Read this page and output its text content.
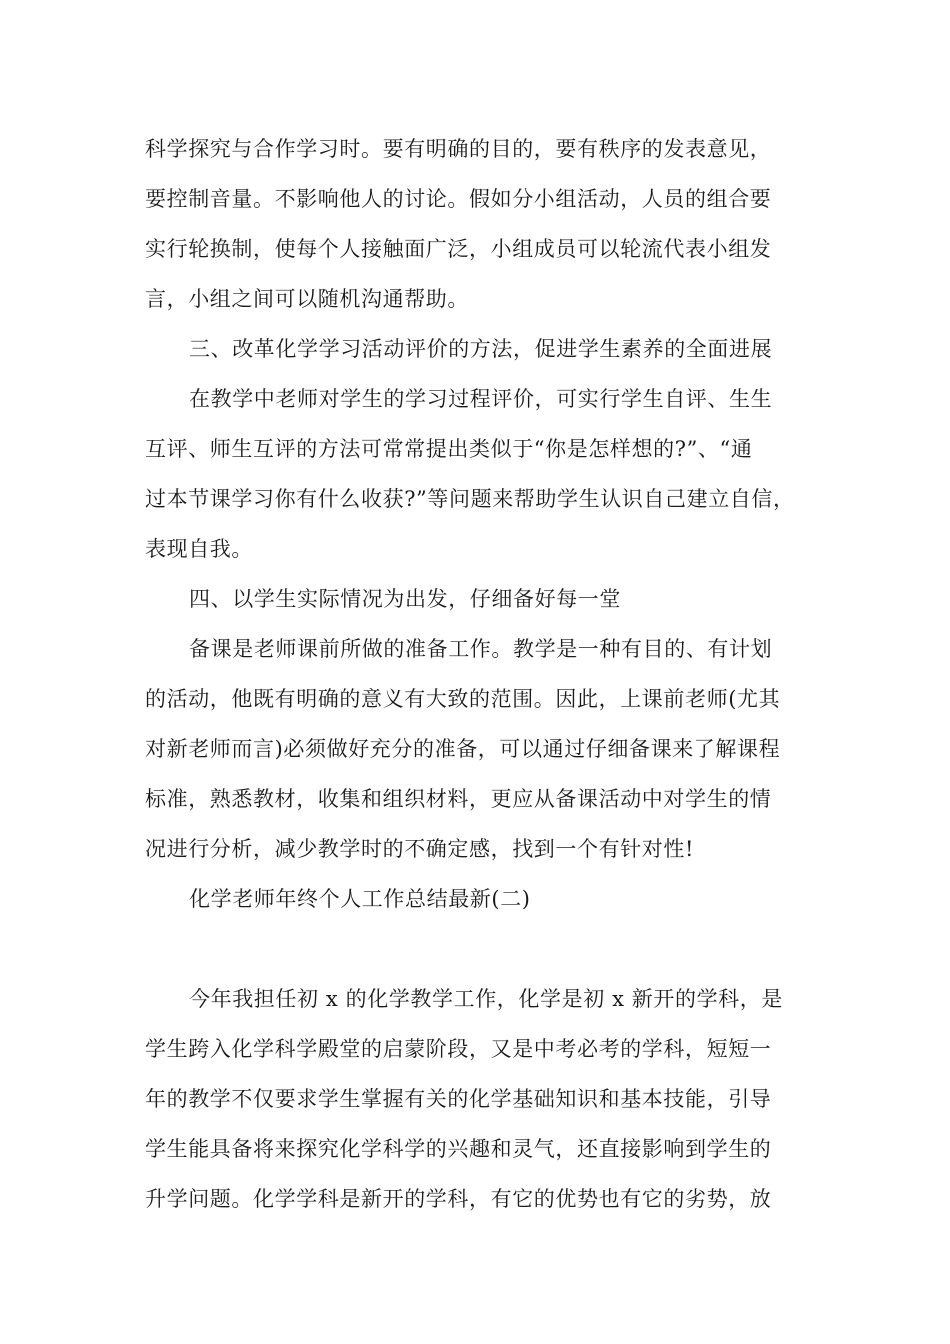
科学探究与合作学习时。要有明确的目的，要有秩序的发表意见，
要控制音量。不影响他人的讨论。假如分小组活动，人员的组合要
实行轮换制，使每个人接触面广泛，小组成员可以轮流代表小组发
言，小组之间可以随机沟通帮助。
三、改革化学学习活动评价的方法，促进学生素养的全面进展
在教学中老师对学生的学习过程评价，可实行学生自评、生生
互评、师生互评的方法可常常提出类似于“你是怎样想的?”、“通
过本节课学习你有什么收获?”等问题来帮助学生认识自己建立自信，
表现自我。
四、以学生实际情况为出发，仔细备好每一堂
备课是老师课前所做的准备工作。教学是一种有目的、有计划
的活动，他既有明确的意义有大致的范围。因此，上课前老师(尤其
对新老师而言)必须做好充分的准备，可以通过仔细备课来了解课程
标准，熟悉教材，收集和组织材料，更应从备课活动中对学生的情
况进行分析，减少教学时的不确定感，找到一个有针对性!
化学老师年终个人工作总结最新(二)
今年我担任初 x 的化学教学工作，化学是初 x 新开的学科，是
学生跨入化学科学殿堂的启蒙阶段，又是中考必考的学科，短短一
年的教学不仅要求学生掌握有关的化学基础知识和基本技能，引导
学生能具备将来探究化学科学的兴趣和灵气，还直接影响到学生的
升学问题。化学学科是新开的学科，有它的优势也有它的劣势，放
